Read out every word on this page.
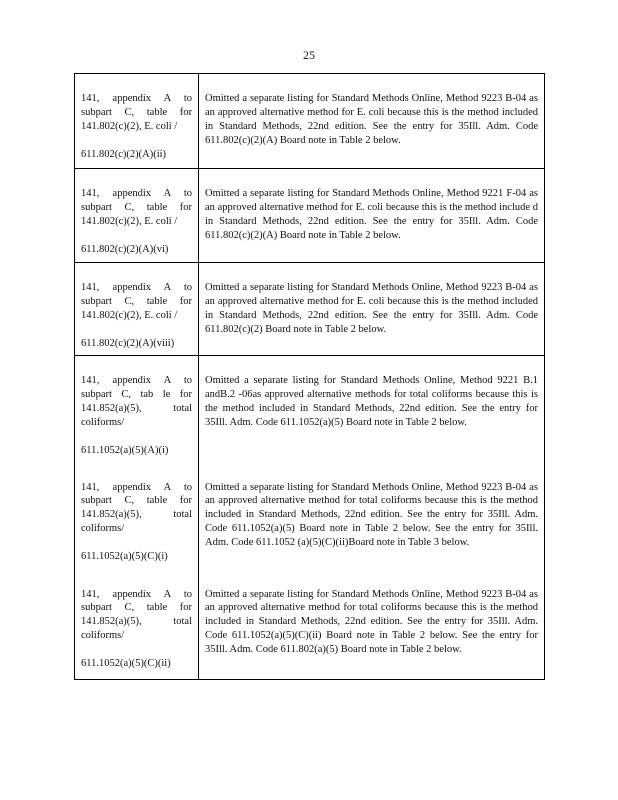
25
141, appendix A to subpart C, table for 141.802(c)(2), E. coli /
611.802(c)(2)(A)(ii)	Omitted a separate listing for Standard Methods Online, Method 9223 B-04 as an approved alternative method for E. coli because this is the method included in Standard Methods, 22nd edition. See the entry for 35Ill. Adm. Code 611.802(c)(2)(A) Board note in Table 2 below.

141, appendix A to subpart C, table for 141.802(c)(2), E. coli /
611.802(c)(2)(A)(vi)	Omitted a separate listing for Standard Methods Online, Method 9221 F-04 as an approved alternative method for E. coli because this is the method include d in Standard Methods, 22nd edition. See the entry for 35Ill. Adm. Code 611.802(c)(2)(A) Board note in Table 2 below.

141, appendix A to subpart C, table for 141.802(c)(2), E. coli /
611.802(c)(2)(A)(viii)	Omitted a separate listing for Standard Methods Online, Method 9223 B-04 as an approved alternative method for E. coli because this is the method included in Standard Methods, 22nd edition. See the entry for 35Ill. Adm. Code 611.802(c)(2) Board note in Table 2 below.

141, appendix A to subpart C, tab le for 141.852(a)(5), total coliforms/
611.1052(a)(5)(A)(i)	Omitted a separate listing for Standard Methods Online, Method 9221 B.1 andB.2 -06as approved alternative methods for total coliforms because this is the method included in Standard Methods, 22nd edition. See the entry for 35Ill. Adm. Code 611.1052(a)(5) Board note in Table 2 below.

141, appendix A to subpart C, table for 141.852(a)(5), total coliforms/
611.1052(a)(5)(C)(i)	Omitted a separate listing for Standard Methods Online, Method 9223 B-04 as an approved alternative method for total coliforms because this is the method included in Standard Methods, 22nd edition. See the entry for 35Ill. Adm. Code 611.1052(a)(5) Board note in Table 2 below. See the entry for 35Ill. Adm. Code 611.1052 (a)(5)(C)(ii)Board note in Table 3 below.

141, appendix A to subpart C, table for 141.852(a)(5), total coliforms/
611.1052(a)(5)(C)(ii)	Omitted a separate listing for Standard Methods Online, Method 9223 B-04 as an approved alternative method for total coliforms because this is the method included in Standard Methods, 22nd edition. See the entry for 35Ill. Adm. Code 611.1052(a)(5)(C)(ii) Board note in Table 2 below. See the entry for 35Ill. Adm. Code 611.802(a)(5) Board note in Table 2 below.
